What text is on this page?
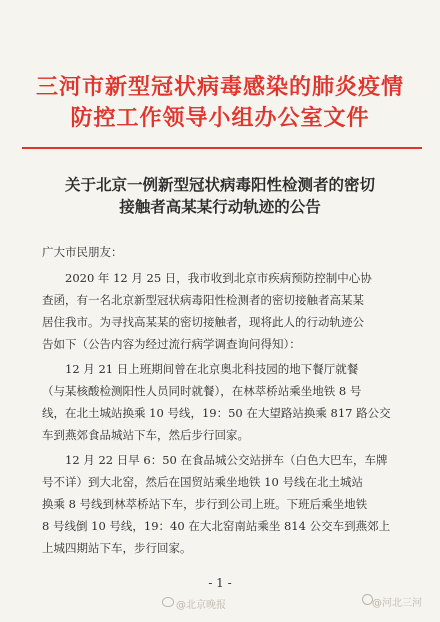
三河市新型冠状病毒感染的肺炎疫情
防控工作领导小组办公室文件
关于北京一例新型冠状病毒阳性检测者的密切
接触者高某某行动轨迹的公告
广大市民朋友：
　　2020 年 12 月 25 日，我市收到北京市疾病预防控制中心协
查函，有一名北京新型冠状病毒阳性检测者的密切接触者高某某
居住我市。为寻找高某某的密切接触者，现将此人的行动轨迹公
告如下（公告内容为经过流行病学调查询问得知）：
　　12 月 21 日上班期间曾在北京奥北科技园的地下餐厅就餐
（与某核酸检测阳性人员同时就餐），在林萃桥站乘坐地铁 8 号
线，在北土城站换乘 10 号线，19：50 在大望路站换乘 817 路公交
车到燕郊食品城站下车，然后步行回家。
　　12 月 22 日早 6：50 在食品城公交站拼车（白色大巴车，车牌
号不详）到大北窑，然后在国贸站乘坐地铁 10 号线在北土城站
换乘 8 号线到林萃桥站下车，步行到公司上班。下班后乘坐地铁
8 号线倒 10 号线，19：40 在大北窑南站乘坐 814 公交车到燕郊上
上城四期站下车，步行回家。
- 1 -
@北京晚报	@河北三河
